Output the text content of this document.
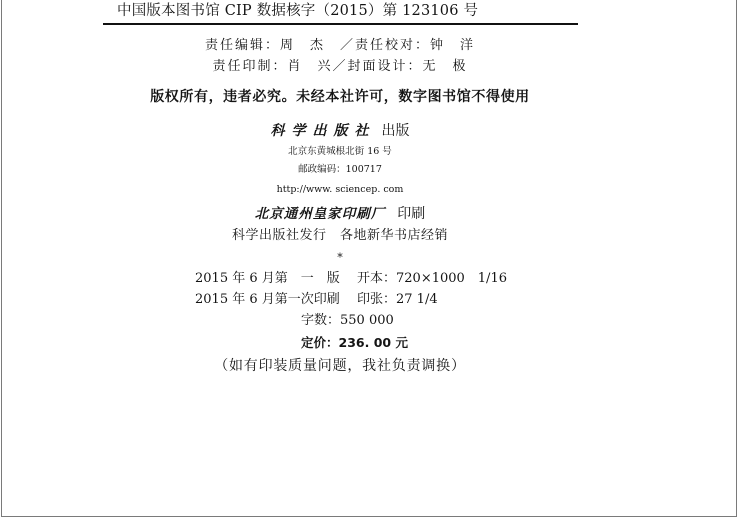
中国版本图书馆 CIP 数据核字（2015）第 123106 号
责任编辑：周　杰　／责任校对：钟　洋
责任印制：肖　兴／封面设计：无　极
版权所有，违者必究。未经本社许可，数字图书馆不得使用
科学出版社 出版
北京东黄城根北街 16 号
邮政编码：100717
http://www. sciencep. com
北京通州皇家印刷厂 印刷
科学出版社发行　各地新华书店经销
*
2015 年 6 月第　一　版 开本：720×1000　1/16
2015 年 6 月第一次印刷 印张：27 1/4
字数：550 000
定价：236. 00 元
（如有印装质量问题，我社负责调换）
